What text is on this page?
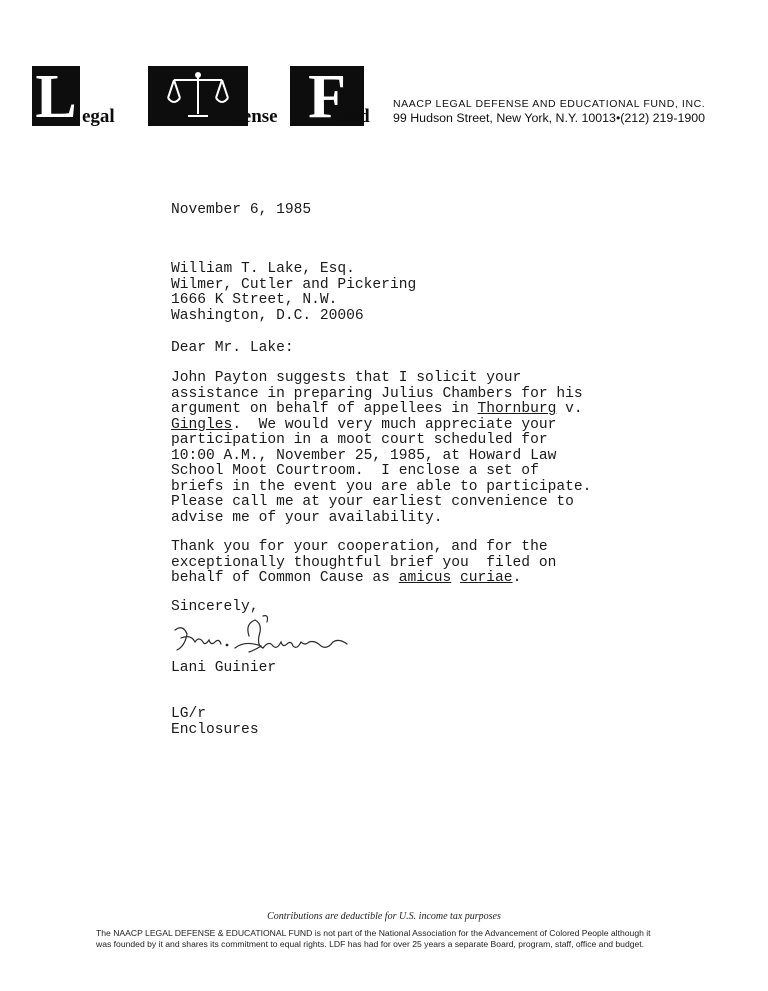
L egal	efense F
und
NAACP LEGAL DEFENSE AND EDUCATIONAL FUND, INC.
99 Hudson Street, New York, N.Y. 10013•(212) 219-1900
November 6, 1985
William T. Lake, Esq.
Wilmer, Cutler and Pickering
1666 K Street, N.W.
Washington, D.C. 20006
Dear Mr. Lake:
John Payton suggests that I solicit your
assistance in preparing Julius Chambers for his
argument on behalf of appellees in Thornburg v.
Gingles.  We would very much appreciate your
participation in a moot court scheduled for
10:00 A.M., November 25, 1985, at Howard Law
School Moot Courtroom.  I enclose a set of
briefs in the event you are able to participate.
Please call me at your earliest convenience to
advise me of your availability.
Thank you for your cooperation, and for the
exceptionally thoughtful brief you  filed on
behalf of Common Cause as amicus curiae.
Sincerely,
Lani Guinier
LG/r
Enclosures
Contributions are deductible for U.S. income tax purposes
The NAACP LEGAL DEFENSE & EDUCATIONAL FUND is not part of the National Association for the Advancement of Colored People although it
was founded by it and shares its commitment to equal rights. LDF has had for over 25 years a separate Board, program, staff, office and budget.
